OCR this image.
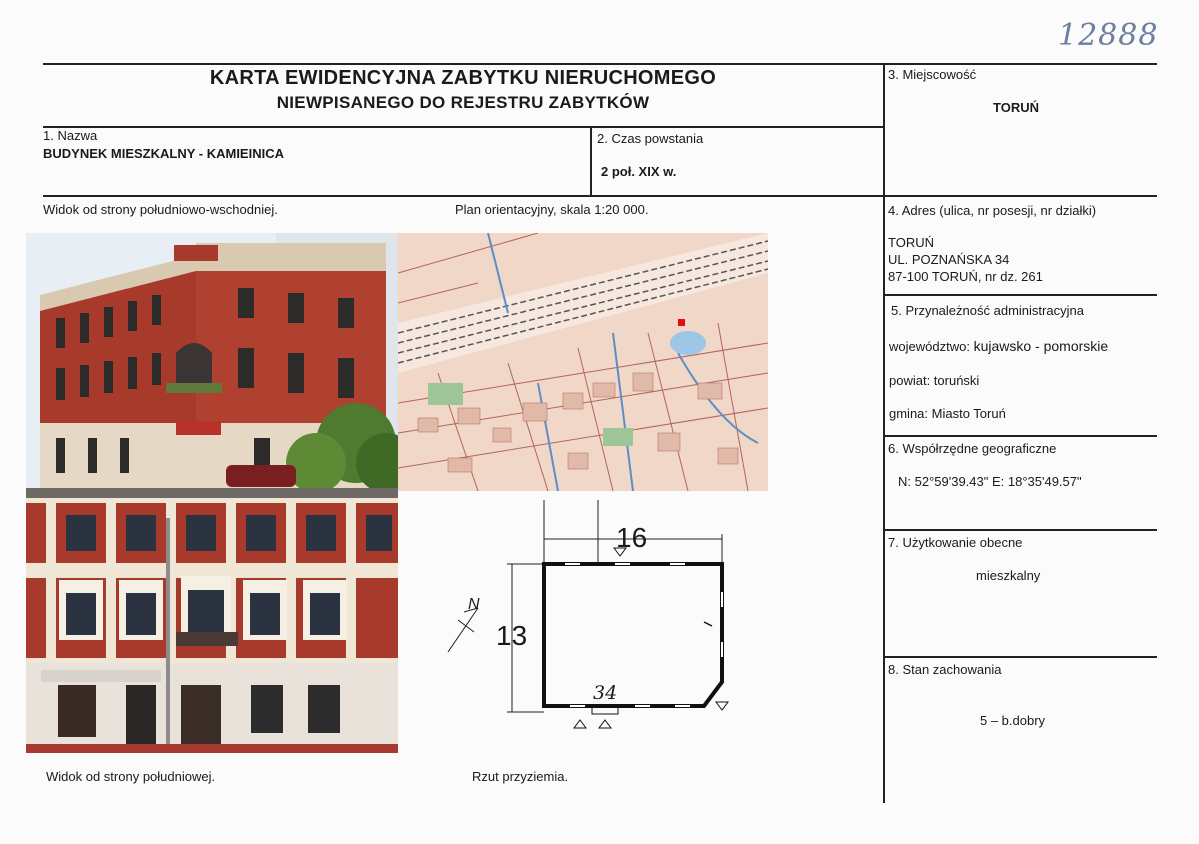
12888
KARTA EWIDENCYJNA ZABYTKU NIERUCHOMEGO
NIEWPISANEGO DO REJESTRU ZABYTKÓW
1. Nazwa
BUDYNEK MIESZKALNY - KAMIEINICA
2. Czas powstania
2 poł. XIX w.
3. Miejscowość
TORUŃ
4. Adres (ulica, nr posesji, nr działki)
TORUŃ
UL. POZNAŃSKA 34
87-100 TORUŃ, nr dz. 261
5. Przynależność administracyjna
województwo: kujawsko - pomorskie
powiat: toruński
gmina: Miasto Toruń
6. Współrzędne geograficzne
N: 52°59'39.43" E: 18°35'49.57"
7. Użytkowanie obecne
mieszkalny
8. Stan zachowania
5 – b.dobry
Widok od strony południowo-wschodniej.	Plan orientacyjny, skala 1:20 000.
Widok od strony południowej.	Rzut przyziemia.
16
13
34
N
